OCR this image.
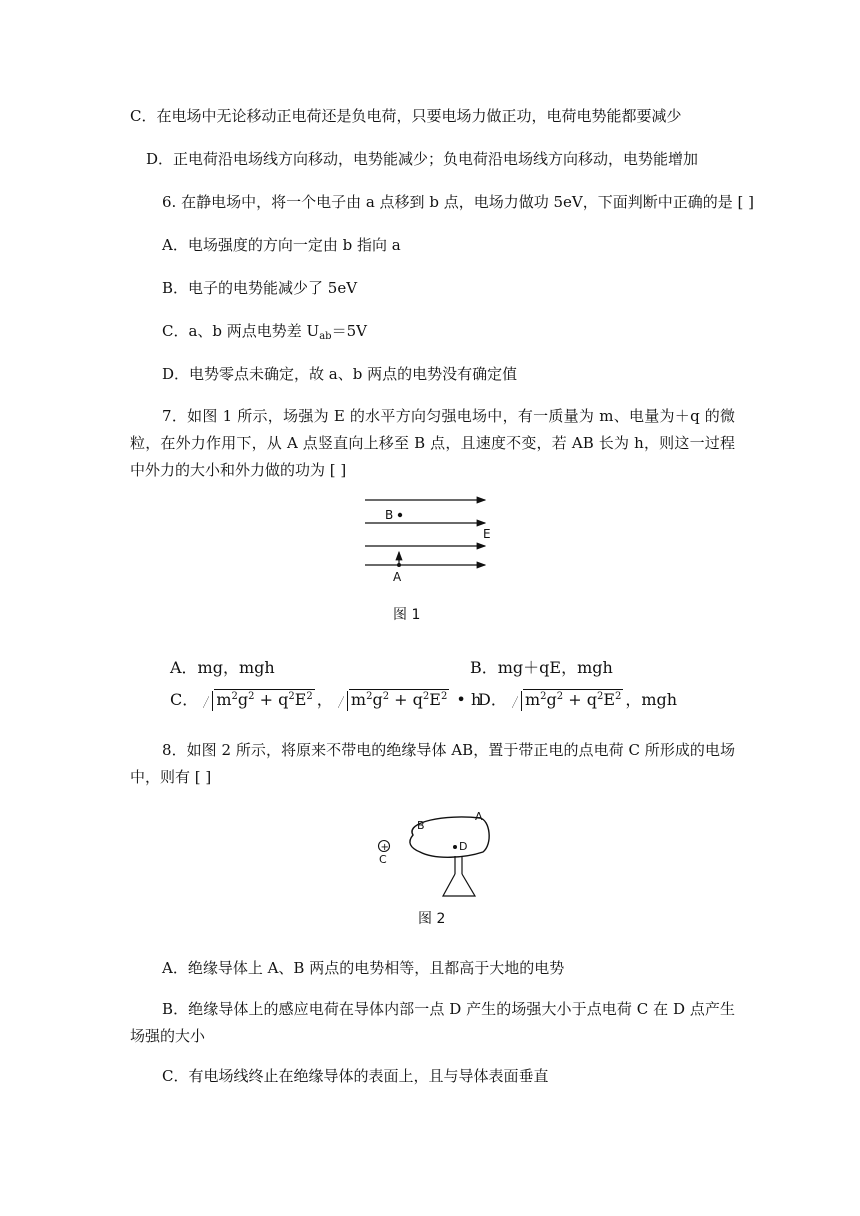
C．在电场中无论移动正电荷还是负电荷，只要电场力做正功，电荷电势能都要减少
D．正电荷沿电场线方向移动，电势能减少；负电荷沿电场线方向移动，电势能增加
6. 在静电场中，将一个电子由 a 点移到 b 点，电场力做功 5eV，下面判断中正确的是 [ ]
A．电场强度的方向一定由 b 指向 a
B．电子的电势能减少了 5eV
C．a、b 两点电势差 $U_{ab}=5V$
D．电势零点未确定，故 a、b 两点的电势没有确定值
7．如图 1 所示，场强为 E 的水平方向匀强电场中，有一质量为 m、电量为＋q 的微粒，在外力作用下，从 A 点竖直向上移至 B 点，且速度不变，若 AB 长为 h，则这一过程中外力的大小和外力做的功为 [ ]
B
E
A
图 1
A．mg，mgh	B．mg＋qE，mgh
C． $m^2g^2 + q^2E^2$ ， $m^2g^2 + q^2E^2$ • h
D． $m^2g^2 + q^2E^2$ ，mgh
8．如图 2 所示，将原来不带电的绝缘导体 AB，置于带正电的点电荷 C 所形成的电场中，则有 [ ]
B
A
D
+
C
图 2
A．绝缘导体上 A、B 两点的电势相等，且都高于大地的电势
B．绝缘导体上的感应电荷在导体内部一点 D 产生的场强大小于点电荷 C 在 D 点产生场强的大小
C．有电场线终止在绝缘导体的表面上，且与导体表面垂直
